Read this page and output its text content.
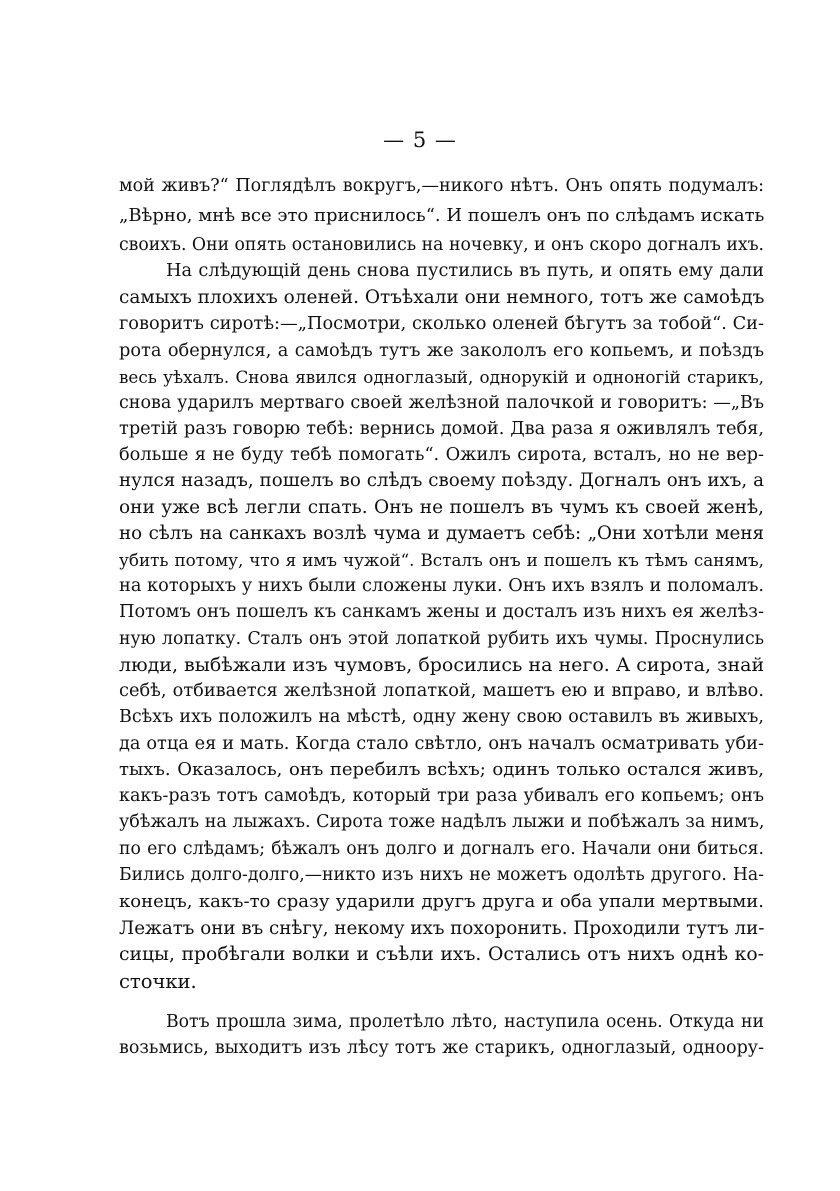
— 5 —
мой живъ?“ Поглядѣлъ вокругъ,—никого нѣтъ. Онъ опять подумалъ:
„Вѣрно, мнѣ все это приснилось“. И пошелъ онъ по слѣдамъ искать
своихъ. Они опять остановились на ночевку, и онъ скоро догналъ ихъ.
На слѣдующій день снова пустились въ путь, и опять ему дали
самыхъ плохихъ оленей. Отъѣхали они немного, тотъ же самоѣдъ
говоритъ сиротѣ:—„Посмотри, сколько оленей бѣгутъ за тобой“. Си-
рота обернулся, а самоѣдъ тутъ же закололъ его копьемъ, и поѣздъ
весь уѣхалъ. Снова явился одноглазый, однорукій и одноногій старикъ,
снова ударилъ мертваго своей желѣзной палочкой и говоритъ: —„Въ
третій разъ говорю тебѣ: вернись домой. Два раза я оживлялъ тебя,
больше я не буду тебѣ помогать“. Ожилъ сирота, всталъ, но не вер-
нулся назадъ, пошелъ во слѣдъ своему поѣзду. Догналъ онъ ихъ, а
они уже всѣ легли спать. Онъ не пошелъ въ чумъ къ своей женѣ,
но сѣлъ на санкахъ возлѣ чума и думаетъ себѣ: „Они хотѣли меня
убить потому, что я имъ чужой“. Всталъ онъ и пошелъ къ тѣмъ санямъ,
на которыхъ у нихъ были сложены луки. Онъ ихъ взялъ и поломалъ.
Потомъ онъ пошелъ къ санкамъ жены и досталъ изъ нихъ ея желѣз-
ную лопатку. Сталъ онъ этой лопаткой рубить ихъ чумы. Проснулись
люди, выбѣжали изъ чумовъ, бросились на него. А сирота, знай
себѣ, отбивается желѣзной лопаткой, машетъ ею и вправо, и влѣво.
Всѣхъ ихъ положилъ на мѣстѣ, одну жену свою оставилъ въ живыхъ,
да отца ея и мать. Когда стало свѣтло, онъ началъ осматривать уби-
тыхъ. Оказалось, онъ перебилъ всѣхъ; одинъ только остался живъ,
какъ-разъ тотъ самоѣдъ, который три раза убивалъ его копьемъ; онъ
убѣжалъ на лыжахъ. Сирота тоже надѣлъ лыжи и побѣжалъ за нимъ,
по его слѣдамъ; бѣжалъ онъ долго и догналъ его. Начали они биться.
Бились долго-долго,—никто изъ нихъ не можетъ одолѣть другого. На-
конецъ, какъ-то сразу ударили другъ друга и оба упали мертвыми.
Лежатъ они въ снѣгу, некому ихъ похоронить. Проходили тутъ ли-
сицы, пробѣгали волки и съѣли ихъ. Остались отъ нихъ однѣ ко-
сточки.
Вотъ прошла зима, пролетѣло лѣто, наступила осень. Откуда ни
возьмись, выходитъ изъ лѣсу тотъ же старикъ, одноглазый, одноору-
